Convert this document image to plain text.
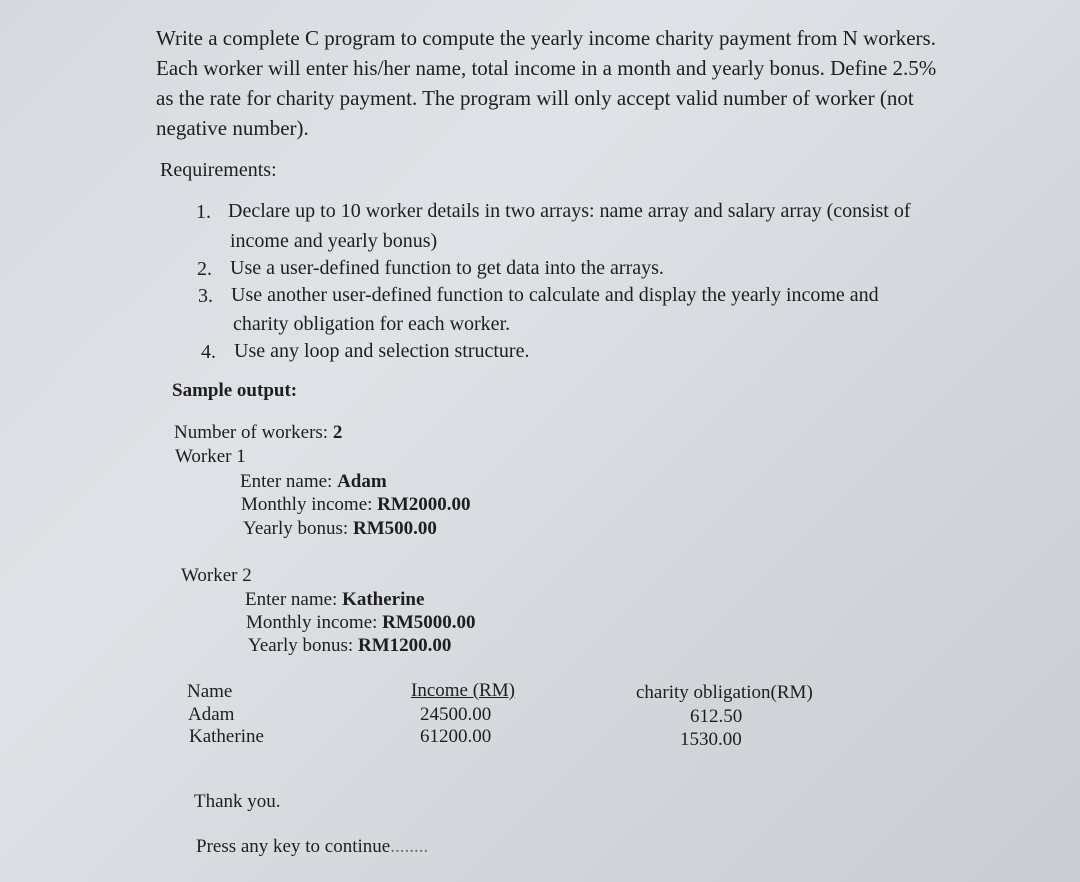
Write a complete C program to compute the yearly income charity payment from N workers.
Each worker will enter his/her name, total income in a month and yearly bonus. Define 2.5%
as the rate for charity payment. The program will only accept valid number of worker (not
negative number).
Requirements:
1. Declare up to 10 worker details in two arrays: name array and salary array (consist of
income and yearly bonus)
2. Use a user-defined function to get data into the arrays.
3. Use another user-defined function to calculate and display the yearly income and
charity obligation for each worker.
4. Use any loop and selection structure.
Sample output:
Number of workers: 2
Worker 1
Enter name: Adam
Monthly income: RM2000.00
Yearly bonus: RM500.00
Worker 2
Enter name: Katherine
Monthly income: RM5000.00
Yearly bonus: RM1200.00
Name	Income (RM)	charity obligation(RM)
Adam	24500.00	612.50
Katherine	61200.00	1530.00
Thank you.
Press any key to continue........
